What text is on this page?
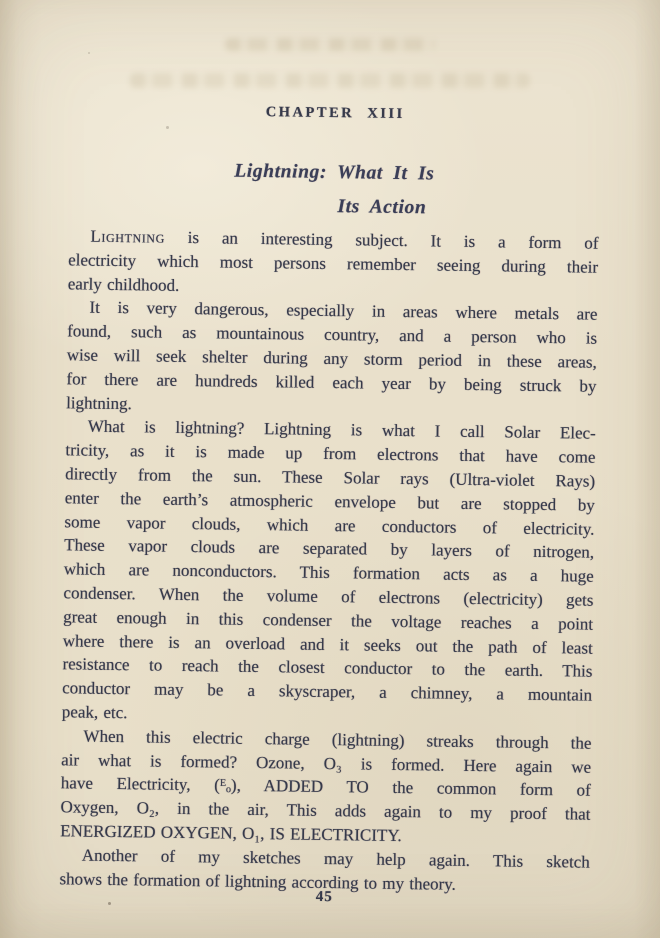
CHAPTER XIII
Lightning: What It Is
Its Action
Lightning is an interesting subject. It is a form of
electricity which most persons remember seeing during their
early childhood.
It is very dangerous, especially in areas where metals are
found, such as mountainous country, and a person who is
wise will seek shelter during any storm period in these areas,
for there are hundreds killed each year by being struck by
lightning.
What is lightning? Lightning is what I call Solar Elec-
tricity, as it is made up from electrons that have come
directly from the sun. These Solar rays (Ultra-violet Rays)
enter the earth’s atmospheric envelope but are stopped by
some vapor clouds, which are conductors of electricity.
These vapor clouds are separated by layers of nitrogen,
which are nonconductors. This formation acts as a huge
condenser. When the volume of electrons (electricity) gets
great enough in this condenser the voltage reaches a point
where there is an overload and it seeks out the path of least
resistance to reach the closest conductor to the earth. This
conductor may be a skyscraper, a chimney, a mountain
peak, etc.
When this electric charge (lightning) streaks through the
air what is formed? Ozone, O₃ is formed. Here again we
have Electricity, (ᴱₒ), ADDED TO the common form of
Oxygen, O₂, in the air, This adds again to my proof that
ENERGIZED OXYGEN, O₁, IS ELECTRICITY.
Another of my sketches may help again. This sketch
shows the formation of lightning according to my theory.
45
